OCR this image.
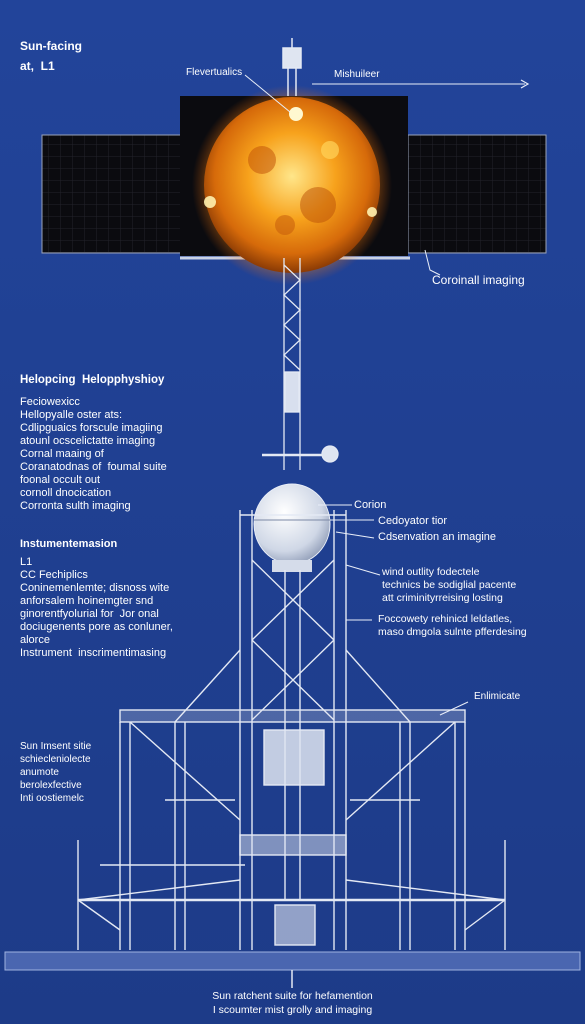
Sun-facing
at,  L1	Flevertualics	Mishuileer
Coroinall imaging
Corion
Cedoyator tior
Cdsenvation an imagine
wind outlity fodectele
technics be sodiglial pacente
att criminityrreising losting
Foccowety rehinicd leldatles,
maso dmgola sulnte pfferdesing
Enlimicate
Helopcing  Helopphyshioy
Feciowexicc
Hellopyalle oster ats:
Cdlipguaics forscule imagiing
atounl ocscelictatte imaging
Cornal maaing of
Coranatodnas of  foumal suite
foonal occult out
cornoll dnocication
Corronta sulth imaging
Instumentemasion
L1
CC Fechiplics
Coninemenlemte; disnoss wite
anforsalem hoinemgter snd
ginorentfyolurial for  Jor onal
dociugenents pore as conluner,
alorce
Instrument  inscrimentimasing
Sun Imsent sitie
schiecleniolecte
anumote
berolexfective
Inti oostiemelc
Sun ratchent suite for hefamention
I scoumter mist grolly and imaging
